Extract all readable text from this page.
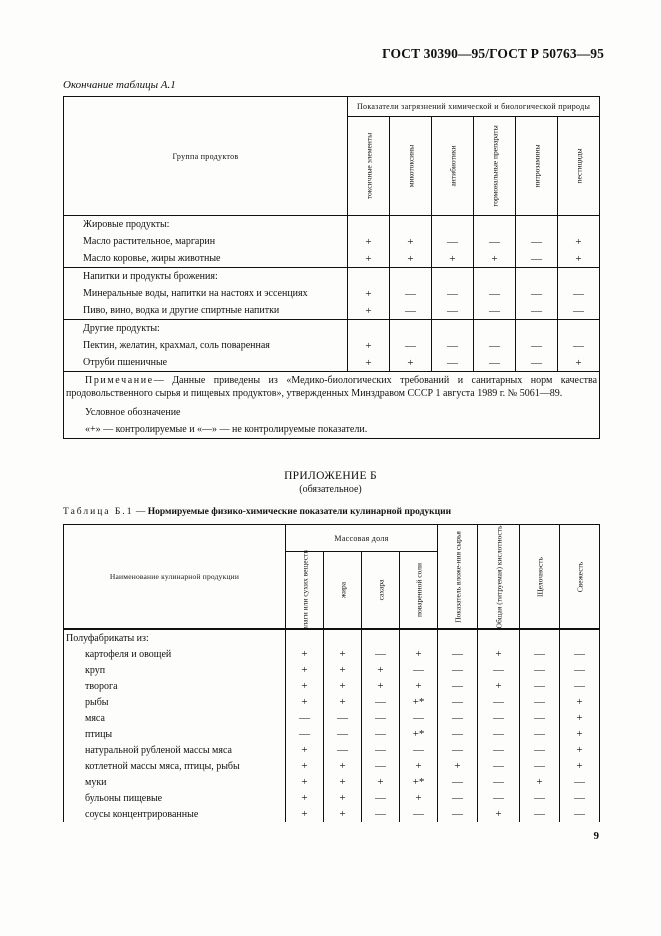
ГОСТ 30390—95/ГОСТ Р 50763—95
Окончание таблицы А.1
Группа продуктов	Показатели загрязнений химической и биологической природы					

	токсичные элементы	микотоксины	антибиотики	гормональные препараты	нитрозамины	пестициды

Жировые продукты:						
Масло растительное, маргарин	+	+	—	—	—	+
Масло коровье, жиры животные	+	+	+	+	—	+
Напитки и продукты брожения:						
Минеральные воды, напитки на настоях и эссенциях	+	—	—	—	—	—
Пиво, вино, водка и другие спиртные напитки	+	—	—	—	—	—
Другие продукты:						
Пектин, желатин, крахмал, соль поваренная	+	—	—	—	—	—
Отруби пшеничные	+	+	—	—	—	+

Примечание— Данные приведены из «Медико-биологических требований и санитарных норм качества продовольственного сырья и пищевых продуктов», утвержденных Минздравом СССР 1 августа 1989 г. № 5061—89.

Условное обозначение

«+» — контролируемые и «—» — не контролируемые показатели.						

ПРИЛОЖЕНИЕ Б
(обязательное)
Таблица Б.1 — Нормируемые физико-химические показатели кулинарной продукции
Наименование кулинарной продукции	Массовая доля				Показатель вложе-ния сырья	Общая (титруемая) кислотность	Щелочность	Свежесть

	влаги или сухих веществ	жира	сахара	поваренной соли				

Полуфабрикаты из:								
картофеля и овощей	+	+	—	+	—	+	—	—
круп	+	+	+	—	—	—	—	—
творога	+	+	+	+	—	+	—	—
рыбы	+	+	—	+*	—	—	—	+
мяса	—	—	—	—	—	—	—	+
птицы	—	—	—	+*	—	—	—	+
натуральной рубленой массы мяса	+	—	—	—	—	—	—	+
котлетной массы мяса, птицы, рыбы	+	+	—	+	+	—	—	+
муки	+	+	+	+*	—	—	+	—
бульоны пищевые	+	+	—	+	—	—	—	—
соусы концентрированные	+	+	—	—	—	+	—	—
9
